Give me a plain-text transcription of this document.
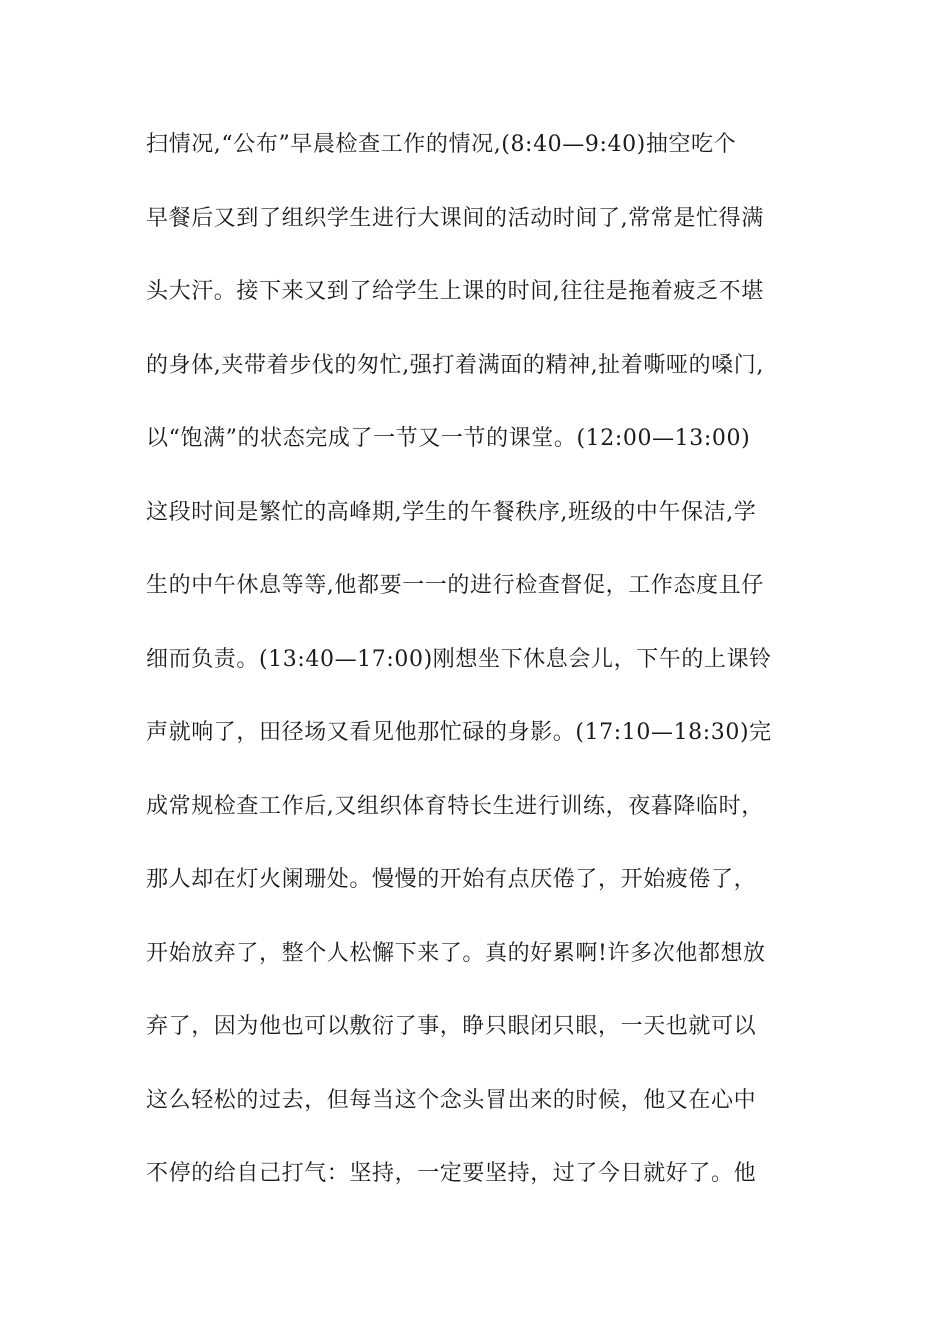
扫情况,“公布”早晨检查工作的情况,(8:40—9:40)抽空吃个
早餐后又到了组织学生进行大课间的活动时间了,常常是忙得满
头大汗。接下来又到了给学生上课的时间,往往是拖着疲乏不堪
的身体,夹带着步伐的匆忙,强打着满面的精神,扯着嘶哑的嗓门,
以“饱满”的状态完成了一节又一节的课堂。(12:00—13:00)
这段时间是繁忙的高峰期,学生的午餐秩序,班级的中午保洁,学
生的中午休息等等,他都要一一的进行检查督促，工作态度且仔
细而负责。(13:40—17:00)刚想坐下休息会儿，下午的上课铃
声就响了，田径场又看见他那忙碌的身影。(17:10—18:30)完
成常规检查工作后,又组织体育特长生进行训练，夜暮降临时，
那人却在灯火阑珊处。慢慢的开始有点厌倦了，开始疲倦了，
开始放弃了，整个人松懈下来了。真的好累啊!许多次他都想放
弃了，因为他也可以敷衍了事，睁只眼闭只眼，一天也就可以
这么轻松的过去，但每当这个念头冒出来的时候，他又在心中
不停的给自己打气：坚持，一定要坚持，过了今日就好了。他
